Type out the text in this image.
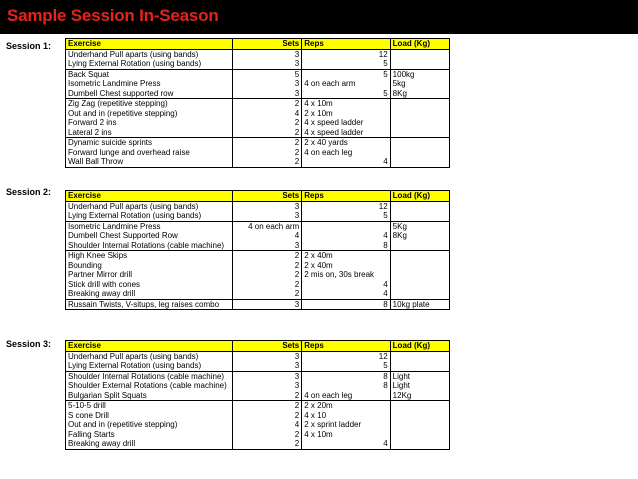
Sample Session In-Season
Session 1: Exercise	Sets	Reps	Load (Kg)
Underhand Pull aparts (using bands)	3	12	
Lying External Rotation (using bands)	3	5	
Back Squat	5	5	100kg
Isometric Landmine Press	3	4 on each arm	5kg
Dumbell Chest supported row	3	5	8Kg
Zig Zag (repetitive stepping)	2	4 x 10m	
Out and in (repetitive stepping)	4	2 x 10m	
Forward 2 ins	2	4 x speed ladder	
Lateral 2 ins	2	4 x speed ladder	
Dynamic suicide sprints	2	2 x 40 yards	
Forward lunge and overhead raise	2	4 on each leg	
Wall Ball Throw	2	4	
Session 2: Exercise	Sets	Reps	Load (Kg)
Underhand Pull aparts (using bands)	3	12	
Lying External Rotation (using bands)	3	5	
Isometric Landmine Press	4 on each arm		5Kg
Dumbell Chest Supported Row	4	4	8Kg
Shoulder Internal Rotations (cable machine)	3	8	
High Knee Skips	2	2 x 40m	
Bounding	2	2 x 40m	
Partner Mirror drill	2	2 mis on, 30s break	
Stick drill with cones	2	4	
Breaking away drill	2	4	
Russain Twists, V-situps, leg raises combo	3	8	10kg plate
Session 3: Exercise	Sets	Reps	Load (Kg)
Underhand Pull aparts (using bands)	3	12	
Lying External Rotation (using bands)	3	5	
Shoulder Internal Rotations (cable machine)	3	8	Light
Shoulder External Rotations (cable machine)	3	8	Light
Bulgarian Split Squats	2	4 on each leg	12Kg
5-10-5 drill	2	2 x 20m	
S cone Drill	2	4 x 10	
Out and in (repetitive stepping)	4	2 x sprint ladder	
Falling Starts	2	4 x 10m	
Breaking away drill	2	4	
